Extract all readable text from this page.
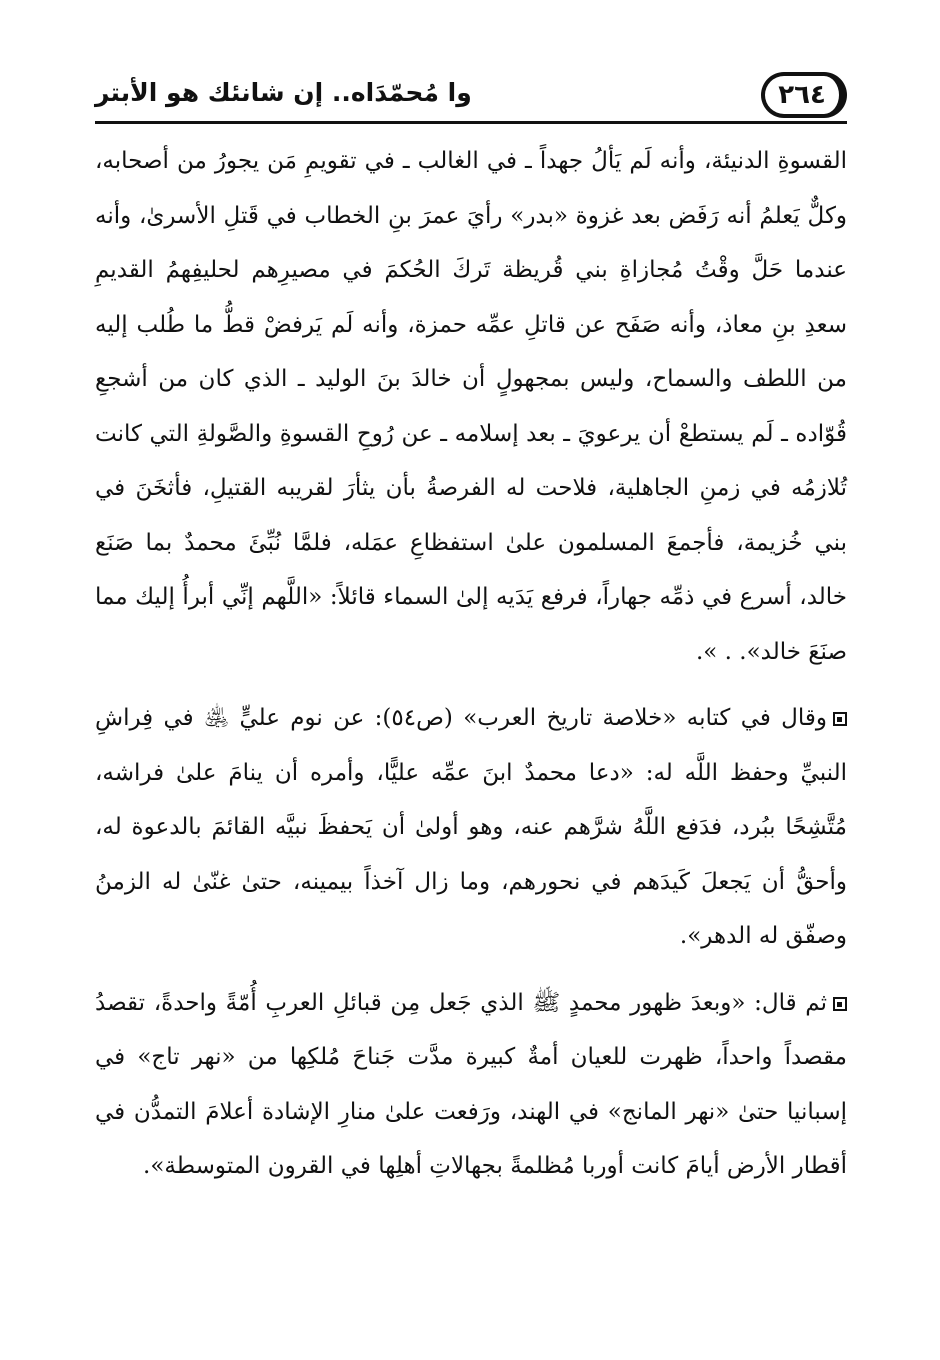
٢٦٤
وا مُحمّدَاه.. إن شانئك هو الأبتر

القسوةِ الدنيئة، وأنه لَم يَألُ جهداً ـ في الغالب ـ في تقويمِ مَن يجورُ من أصحابه، وكلٌّ يَعلمُ أنه رَفَض بعد غزوة «بدر» رأيَ عمرَ بنِ الخطاب في قَتلِ الأسرىٰ، وأنه عندما حَلَّ وقْتُ مُجازاةِ بني قُريظة تَركَ الحُكمَ في مصيرِهم لحليفِهمُ القديمِ سعدِ بنِ معاذ، وأنه صَفَح عن قاتلِ عمِّه حمزة، وأنه لَم يَرفضْ قطُّ ما طُلب إليه من اللطف والسماح، وليس بمجهولٍ أن خالدَ بنَ الوليد ـ الذي كان من أشجعِ قُوّاده ـ لَم يستطعْ أن يرعويَ ـ بعد إسلامه ـ عن رُوحِ القسوةِ والصَّولةِ التي كانت تُلازمُه في زمنِ الجاهلية، فلاحت له الفرصةُ بأن يثأرَ لقريبه القتيلِ، فأثخَنَ في بني خُزيمة، فأجمعَ المسلمون علىٰ استفظاعِ عمَله، فلمَّا نُبِّئَ محمدٌ بما صَنَع خالد، أسرع في ذمِّه جهاراً، فرفع يَدَيه إلىٰ السماء قائلاً: «اللَّهم إنِّي أبرأُ إليك مما صنَعَ خالد». . ».

وقال في كتابه «خلاصة تاريخ العرب» (ص٥٤): عن نوم عليٍّ ﵁ في فِراشِ النبيِّ وحفظ اللَّه له: «دعا محمدٌ ابنَ عمِّه عليًّا، وأمره أن ينامَ علىٰ فراشه، مُتَّشِحًا ببُرد، فدَفع اللَّهُ شرَّهم عنه، وهو أولىٰ أن يَحفظَ نبيَّه القائمَ بالدعوة له، وأحقُّ أن يَجعلَ كَيدَهم في نحورهم، وما زال آخذاً بيمينه، حتىٰ غنّىٰ له الزمنُ وصفّق له الدهر».

ثم قال: «وبعدَ ظهور محمدٍ ﷺ الذي جَعل مِن قبائلِ العربِ أُمّةً واحدةً، تقصدُ مقصداً واحداً، ظهرت للعيان أمةٌ كبيرة مدَّت جَناحَ مُلكِها من «نهر تاج» في إسبانيا حتىٰ «نهر المانج» في الهند، ورَفعت علىٰ منارِ الإشادة أعلامَ التمدُّن في أقطار الأرض أيامَ كانت أوربا مُظلمةً بجهالاتِ أهلِها في القرون المتوسطة».
